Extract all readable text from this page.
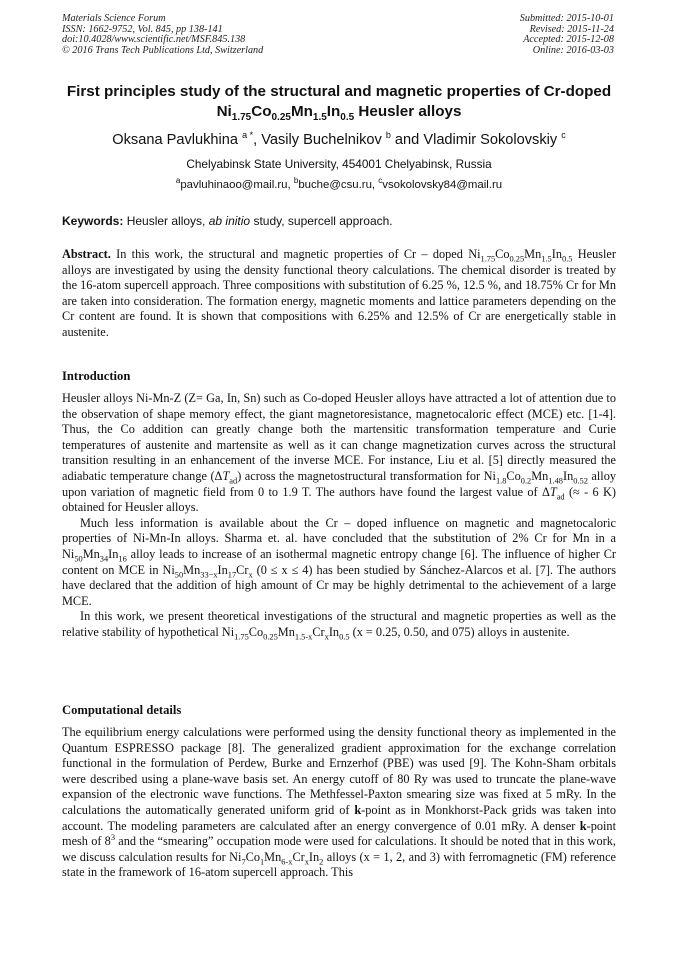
Materials Science Forum
ISSN: 1662-9752, Vol. 845, pp 138-141
doi:10.4028/www.scientific.net/MSF.845.138
© 2016 Trans Tech Publications Ltd, Switzerland
Submitted: 2015-10-01
Revised: 2015-11-24
Accepted: 2015-12-08
Online: 2016-03-03
First principles study of the structural and magnetic properties of Cr-doped $Ni_{1.75}Co_{0.25}Mn_{1.5}In_{0.5}$ Heusler alloys
Oksana Pavlukhina $^{a *}$, Vasily Buchelnikov $^b$ and Vladimir Sokolovskiy $^c$
Chelyabinsk State University, 454001 Chelyabinsk, Russia
$^a$pavluhinaoo@mail.ru, $^b$buche@csu.ru, $^c$vsokolovsky84@mail.ru
Keywords: Heusler alloys, ab initio study, supercell approach.

Abstract. In this work, the structural and magnetic properties of Cr – doped $Ni_{1.75}Co_{0.25}Mn_{1.5}In_{0.5}$ Heusler alloys are investigated by using the density functional theory calculations. The chemical disorder is treated by the 16-atom supercell approach. Three compositions with substitution of 6.25 %, 12.5 %, and 18.75% Cr for Mn are taken into consideration. The formation energy, magnetic moments and lattice parameters depending on the Cr content are found. It is shown that compositions with 6.25% and 12.5% of Cr are energetically stable in austenite.

Introduction

Heusler alloys Ni-Mn-Z (Z= Ga, In, Sn) such as Co-doped Heusler alloys have attracted a lot of attention due to the observation of shape memory effect, the giant magnetoresistance, magnetocaloric effect (MCE) etc. [1-4]. Thus, the Co addition can greatly change both the martensitic transformation temperature and Curie temperatures of austenite and martensite as well as it can change magnetization curves across the structural transition resulting in an enhancement of the inverse MCE. For instance, Liu et al. [5] directly measured the adiabatic temperature change $(\Delta T_{ad})$ across the magnetostructural transformation for $Ni_{1.8}Co_{0.2}Mn_{1.48}In_{0.52}$ alloy upon variation of magnetic field from 0 to 1.9 T. The authors have found the largest value of $\Delta T_{ad}$ (≈ - 6 K) obtained for Heusler alloys.

Much less information is available about the Cr – doped influence on magnetic and magnetocaloric properties of Ni-Mn-In alloys. Sharma et. al. have concluded that the substitution of 2% Cr for Mn in a $Ni_{50}Mn_{34}In_{16}$ alloy leads to increase of an isothermal magnetic entropy change [6]. The influence of higher Cr content on MCE in $Ni_{50}Mn_{33-x}In_{17}Cr_x$ (0 ≤ x ≤ 4) has been studied by Sánchez-Alarcos et al. [7]. The authors have declared that the addition of high amount of Cr may be highly detrimental to the achievement of a large MCE.

In this work, we present theoretical investigations of the structural and magnetic properties as well as the relative stability of hypothetical $Ni_{1.75}Co_{0.25}Mn_{1.5-x}Cr_xIn_{0.5}$ (x = 0.25, 0.50, and 075) alloys in austenite.

Computational details

The equilibrium energy calculations were performed using the density functional theory as implemented in the Quantum ESPRESSO package [8]. The generalized gradient approximation for the exchange correlation functional in the formulation of Perdew, Burke and Ernzerhof (PBE) was used [9]. The Kohn-Sham orbitals were described using a plane-wave basis set. An energy cutoff of 80 Ry was used to truncate the plane-wave expansion of the electronic wave functions. The Methfessel-Paxton smearing size was fixed at 5 mRy. In the calculations the automatically generated uniform grid of k-point as in Monkhorst-Pack grids was taken into account. The modeling parameters are calculated after an energy convergence of 0.01 mRy. A denser k-point mesh of $8^3$ and the “smearing” occupation mode were used for calculations. It should be noted that in this work, we discuss calculation results for $Ni_7Co_1Mn_{6-x}Cr_xIn_2$ alloys (x = 1, 2, and 3) with ferromagnetic (FM) reference state in the framework of 16-atom supercell approach. This
